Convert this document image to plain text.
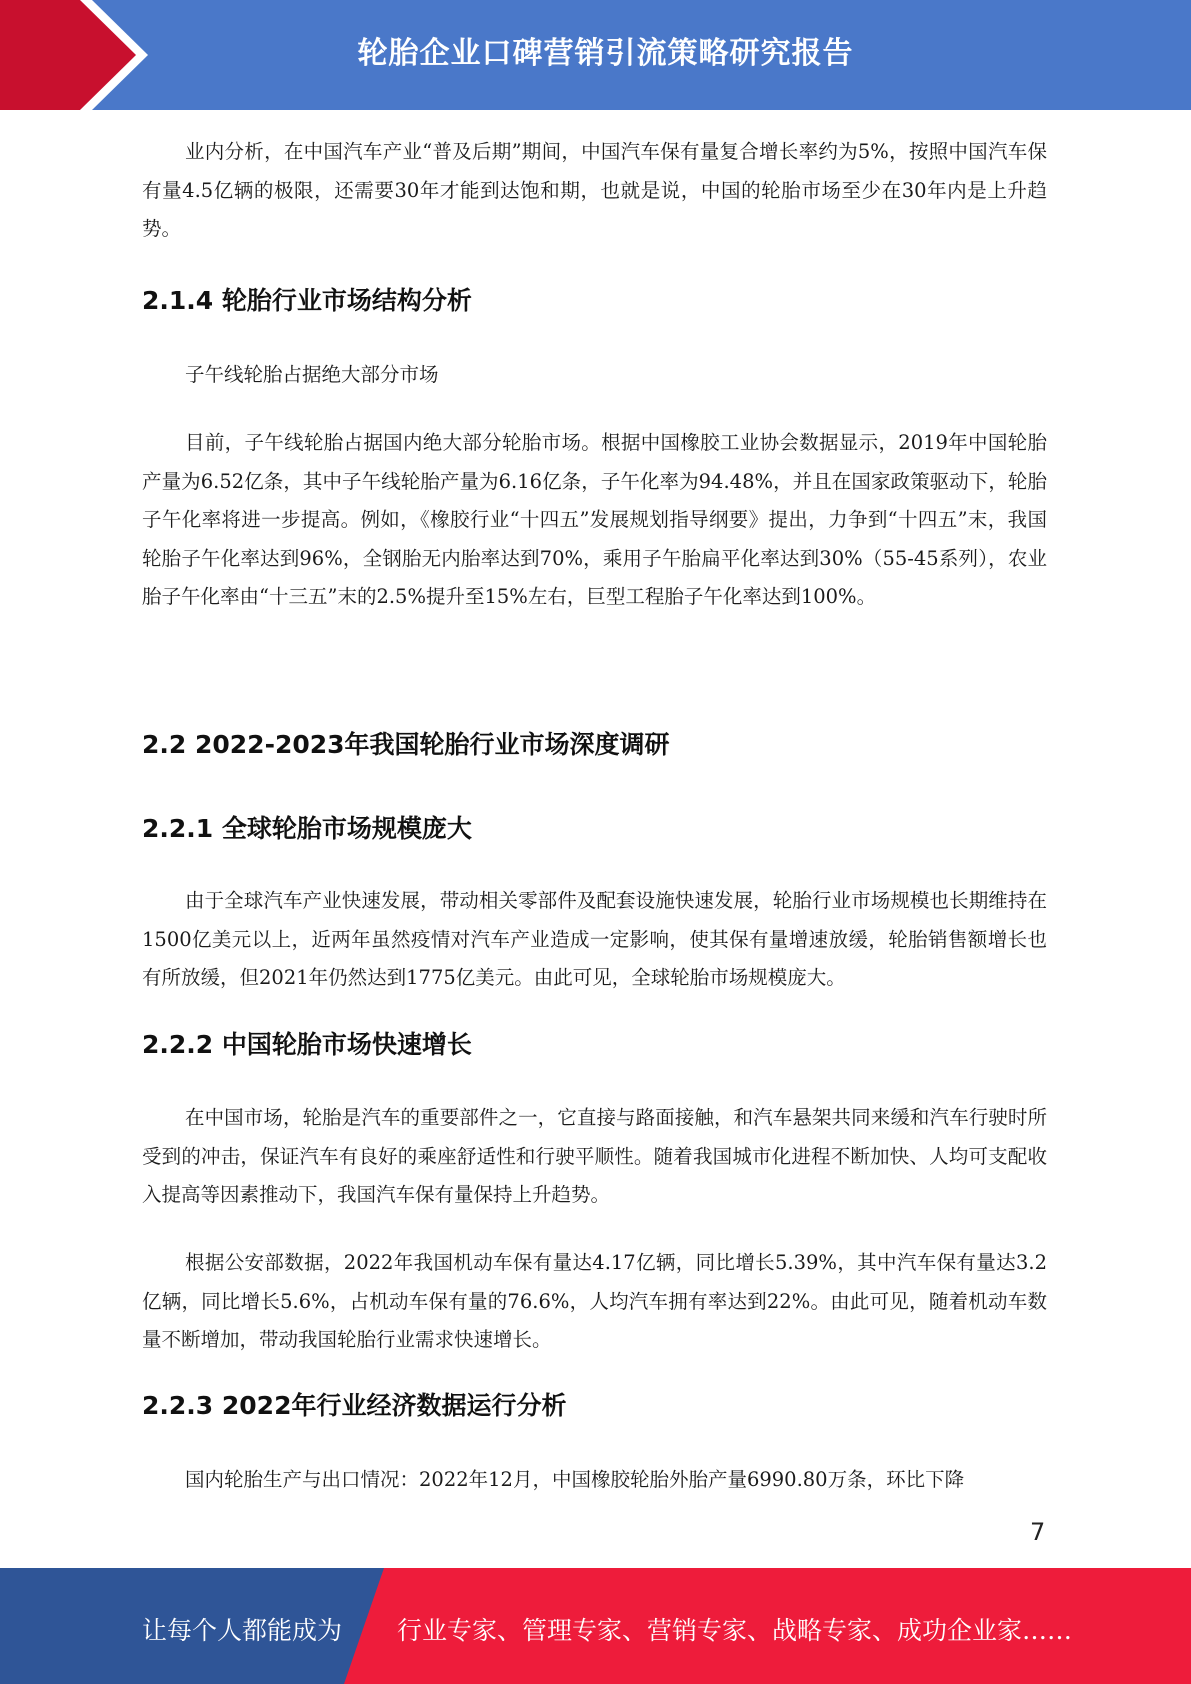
轮胎企业口碑营销引流策略研究报告

业内分析，在中国汽车产业“普及后期”期间，中国汽车保有量复合增长率约为5%，按照中国汽车保有量4.5亿辆的极限，还需要30年才能到达饱和期，也就是说，中国的轮胎市场至少在30年内是上升趋势。

2.1.4 轮胎行业市场结构分析

子午线轮胎占据绝大部分市场

目前，子午线轮胎占据国内绝大部分轮胎市场。根据中国橡胶工业协会数据显示，2019年中国轮胎产量为6.52亿条，其中子午线轮胎产量为6.16亿条，子午化率为94.48%，并且在国家政策驱动下，轮胎子午化率将进一步提高。例如，《橡胶行业“十四五”发展规划指导纲要》提出，力争到“十四五”末，我国轮胎子午化率达到96%，全钢胎无内胎率达到70%，乘用子午胎扁平化率达到30%（55-45系列），农业胎子午化率由“十三五”末的2.5%提升至15%左右，巨型工程胎子午化率达到100%。

2.2 2022-2023年我国轮胎行业市场深度调研
2.2.1 全球轮胎市场规模庞大

由于全球汽车产业快速发展，带动相关零部件及配套设施快速发展，轮胎行业市场规模也长期维持在1500亿美元以上，近两年虽然疫情对汽车产业造成一定影响，使其保有量增速放缓，轮胎销售额增长也有所放缓，但2021年仍然达到1775亿美元。由此可见，全球轮胎市场规模庞大。

2.2.2 中国轮胎市场快速增长

在中国市场，轮胎是汽车的重要部件之一，它直接与路面接触，和汽车悬架共同来缓和汽车行驶时所受到的冲击，保证汽车有良好的乘座舒适性和行驶平顺性。随着我国城市化进程不断加快、人均可支配收入提高等因素推动下，我国汽车保有量保持上升趋势。

根据公安部数据，2022年我国机动车保有量达4.17亿辆，同比增长5.39%，其中汽车保有量达3.2亿辆，同比增长5.6%，占机动车保有量的76.6%，人均汽车拥有率达到22%。由此可见，随着机动车数量不断增加，带动我国轮胎行业需求快速增长。

2.2.3 2022年行业经济数据运行分析

国内轮胎生产与出口情况：2022年12月，中国橡胶轮胎外胎产量6990.80万条，环比下降

7
让每个人都能成为 行业专家、管理专家、营销专家、战略专家、成功企业家……
